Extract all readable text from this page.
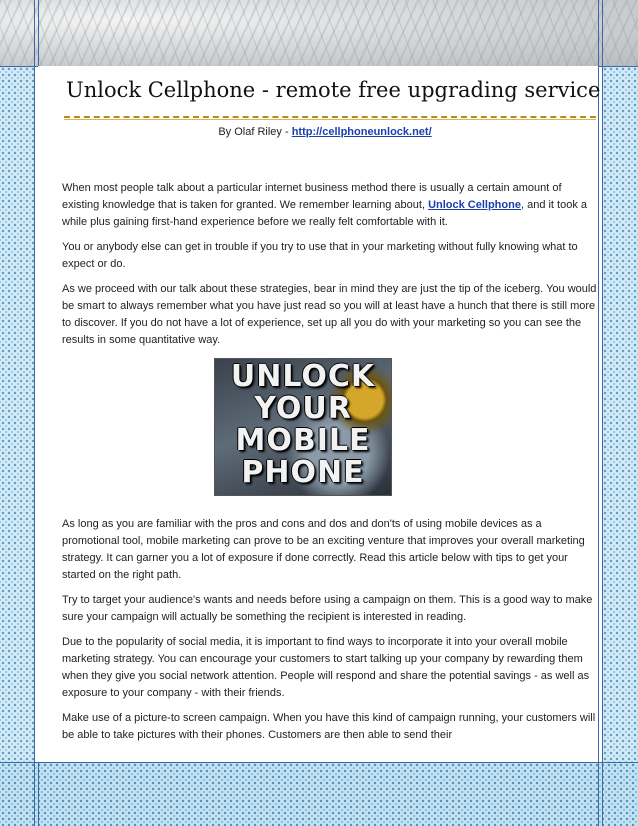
Unlock Cellphone - remote free upgrading service
By Olaf Riley - http://cellphoneunlock.net/

When most people talk about a particular internet business method there is usually a certain amount of existing knowledge that is taken for granted. We remember learning about, Unlock Cellphone, and it took a while plus gaining first-hand experience before we really felt comfortable with it.

You or anybody else can get in trouble if you try to use that in your marketing without fully knowing what to expect or do.

As we proceed with our talk about these strategies, bear in mind they are just the tip of the iceberg. You would be smart to always remember what you have just read so you will at least have a hunch that there is still more to discover. If you do not have a lot of experience, set up all you do with your marketing so you can see the results in some quantitative way.

UNLOCK
YOUR
MOBILE
PHONE

As long as you are familiar with the pros and cons and dos and don'ts of using mobile devices as a promotional tool, mobile marketing can prove to be an exciting venture that improves your overall marketing strategy. It can garner you a lot of exposure if done correctly. Read this article below with tips to get your started on the right path.

Try to target your audience's wants and needs before using a campaign on them. This is a good way to make sure your campaign will actually be something the recipient is interested in reading.

Due to the popularity of social media, it is important to find ways to incorporate it into your overall mobile marketing strategy. You can encourage your customers to start talking up your company by rewarding them when they give you social network attention. People will respond and share the potential savings - as well as exposure to your company - with their friends.

Make use of a picture-to screen campaign. When you have this kind of campaign running, your customers will be able to take pictures with their phones. Customers are then able to send their
